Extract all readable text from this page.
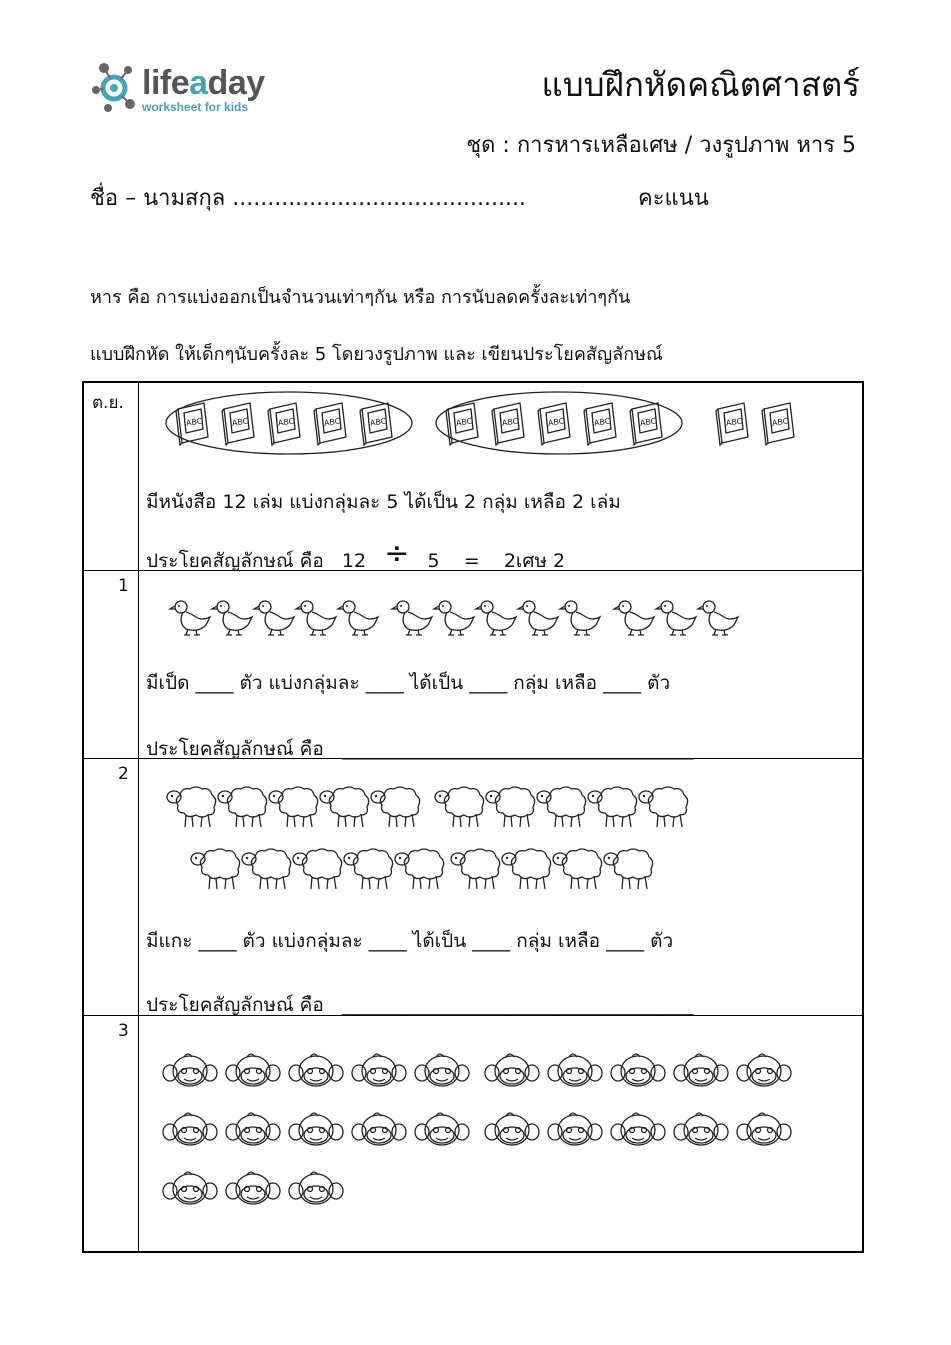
lifeaday
worksheet for kids
แบบฝึกหัดคณิตศาสตร์
ชุด : การหารเหลือเศษ / วงรูปภาพ หาร 5
ชื่อ – นามสกุล ..........................................	คะแนน
หาร คือ การแบ่งออกเป็นจำนวนเท่าๆกัน หรือ การนับลดครั้งละเท่าๆกัน
แบบฝึกหัด ให้เด็กๆนับครั้งละ 5 โดยวงรูปภาพ และ เขียนประโยคสัญลักษณ์
ต.ย.
ABC	ABC	ABC	ABC	ABC	ABC	ABC	ABC	ABC	ABC	ABC	ABC
มีหนังสือ 12 เล่ม แบ่งกลุ่มละ 5 ได้เป็น 2 กลุ่ม เหลือ 2 เล่ม
ประโยคสัญลักษณ์ คือ 12 ÷ 5 = 2เศษ 2
1
มีเป็ด ____ ตัว แบ่งกลุ่มละ ____ ได้เป็น ____ กลุ่ม เหลือ ____ ตัว
ประโยคสัญลักษณ์ คือ _____________________________________
2
มีแกะ ____ ตัว แบ่งกลุ่มละ ____ ได้เป็น ____ กลุ่ม เหลือ ____ ตัว
ประโยคสัญลักษณ์ คือ _____________________________________
3
